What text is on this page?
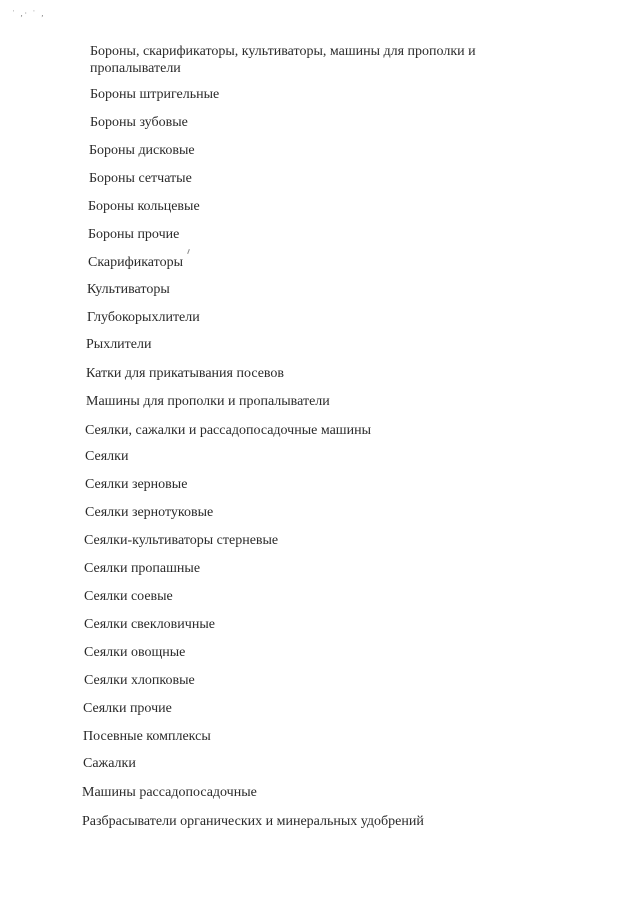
ˈ ,· ˈ ,
Бороны, скарификаторы, культиваторы, машины для прополки и пропалыватели
Бороны штригельные
Бороны зубовые
Бороны дисковые
Бороны сетчатые
Бороны кольцевые
Бороны прочие
Скарификаторы
Культиваторы
Глубокорыхлители
Рыхлители
Катки для прикатывания посевов
Машины для прополки и пропалыватели
Сеялки, сажалки и рассадопосадочные машины
Сеялки
Сеялки зерновые
Сеялки зернотуковые
Сеялки-культиваторы стерневые
Сеялки пропашные
Сеялки соевые
Сеялки свекловичные
Сеялки овощные
Сеялки хлопковые
Сеялки прочие
Посевные комплексы
Сажалки
Машины рассадопосадочные
Разбрасыватели органических и минеральных удобрений
